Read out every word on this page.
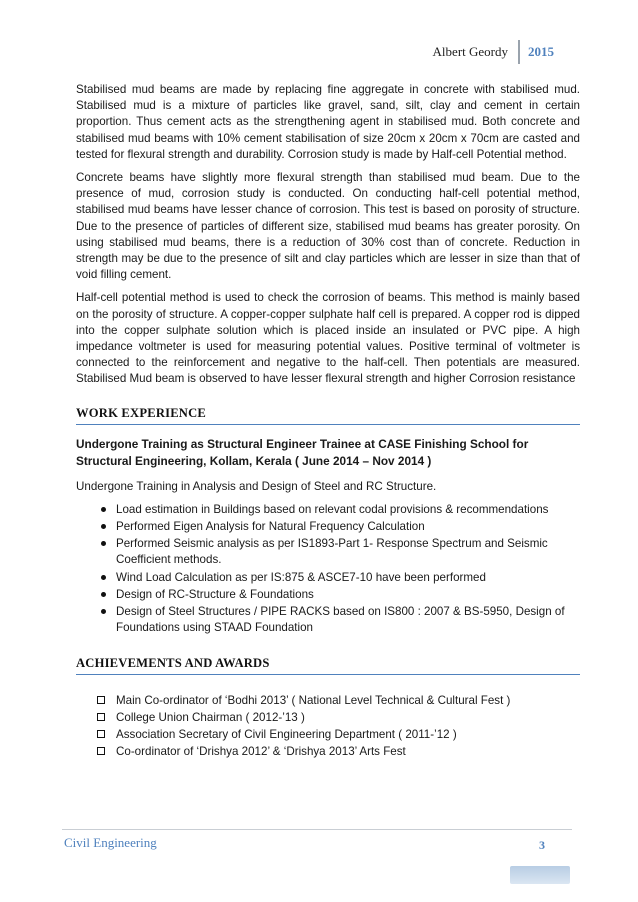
Albert Geordy	2015

Stabilised mud beams are made by replacing fine aggregate in concrete with stabilised mud. Stabilised mud is a mixture of particles like gravel, sand, silt, clay and cement in certain proportion. Thus cement acts as the strengthening agent in stabilised mud. Both concrete and stabilised mud beams with 10% cement stabilisation of size 20cm x 20cm x 70cm are casted and tested for flexural strength and durability. Corrosion study is made by Half-cell Potential method.

Concrete beams have slightly more flexural strength than stabilised mud beam. Due to the presence of mud, corrosion study is conducted. On conducting half-cell potential method, stabilised mud beams have lesser chance of corrosion. This test is based on porosity of structure. Due to the presence of particles of different size, stabilised mud beams has greater porosity. On using stabilised mud beams, there is a reduction of 30% cost than of concrete. Reduction in strength may be due to the presence of silt and clay particles which are lesser in size than that of void filling cement.

Half-cell potential method is used to check the corrosion of beams. This method is mainly based on the porosity of structure. A copper-copper sulphate half cell is prepared. A copper rod is dipped into the copper sulphate solution which is placed inside an insulated or PVC pipe. A high impedance voltmeter is used for measuring potential values. Positive terminal of voltmeter is connected to the reinforcement and negative to the half-cell. Then potentials are measured. Stabilised Mud beam is observed to have lesser flexural strength and higher Corrosion resistance

WORK EXPERIENCE

Undergone Training as Structural Engineer Trainee at CASE Finishing School for Structural Engineering, Kollam, Kerala ( June 2014 – Nov 2014 )

Undergone Training in Analysis and Design of Steel and RC Structure.

Load estimation in Buildings based on relevant codal provisions & recommendations
Performed Eigen Analysis for Natural Frequency Calculation
Performed Seismic analysis as per IS1893-Part 1- Response Spectrum and Seismic Coefficient methods.
Wind Load Calculation as per IS:875 & ASCE7-10 have been performed
Design of RC-Structure & Foundations
Design of Steel Structures / PIPE RACKS based on IS800 : 2007 & BS-5950, Design of Foundations using STAAD Foundation
ACHIEVEMENTS AND AWARDS
Main Co-ordinator of ‘Bodhi 2013’ ( National Level Technical & Cultural Fest )
College Union Chairman ( 2012-’13 )
Association Secretary of Civil Engineering Department ( 2011-’12 )
Co-ordinator of ‘Drishya 2012’ & ‘Drishya 2013’ Arts Fest
Civil Engineering	3
